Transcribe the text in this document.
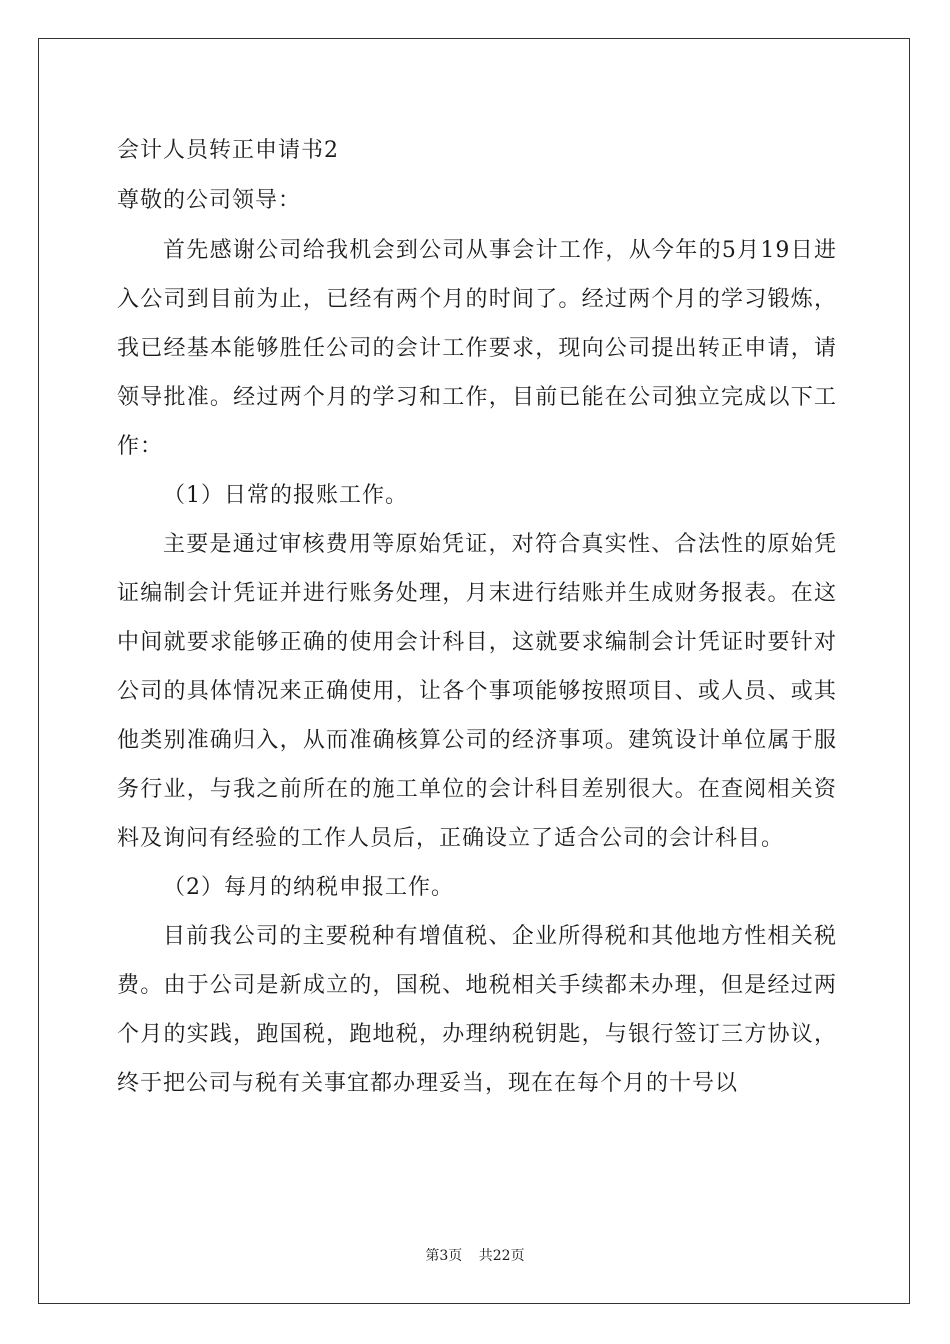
会计人员转正申请书2

尊敬的公司领导：

首先感谢公司给我机会到公司从事会计工作，从今年的5月19日进入公司到目前为止，已经有两个月的时间了。经过两个月的学习锻炼，我已经基本能够胜任公司的会计工作要求，现向公司提出转正申请，请领导批准。经过两个月的学习和工作，目前已能在公司独立完成以下工作：

（1）日常的报账工作。

主要是通过审核费用等原始凭证，对符合真实性、合法性的原始凭证编制会计凭证并进行账务处理，月末进行结账并生成财务报表。在这中间就要求能够正确的使用会计科目，这就要求编制会计凭证时要针对公司的具体情况来正确使用，让各个事项能够按照项目、或人员、或其他类别准确归入，从而准确核算公司的经济事项。建筑设计单位属于服务行业，与我之前所在的施工单位的会计科目差别很大。在查阅相关资料及询问有经验的工作人员后，正确设立了适合公司的会计科目。

（2）每月的纳税申报工作。

目前我公司的主要税种有增值税、企业所得税和其他地方性相关税费。由于公司是新成立的，国税、地税相关手续都未办理，但是经过两个月的实践，跑国税，跑地税，办理纳税钥匙，与银行签订三方协议，终于把公司与税有关事宜都办理妥当，现在在每个月的十号以

第3页 共22页
